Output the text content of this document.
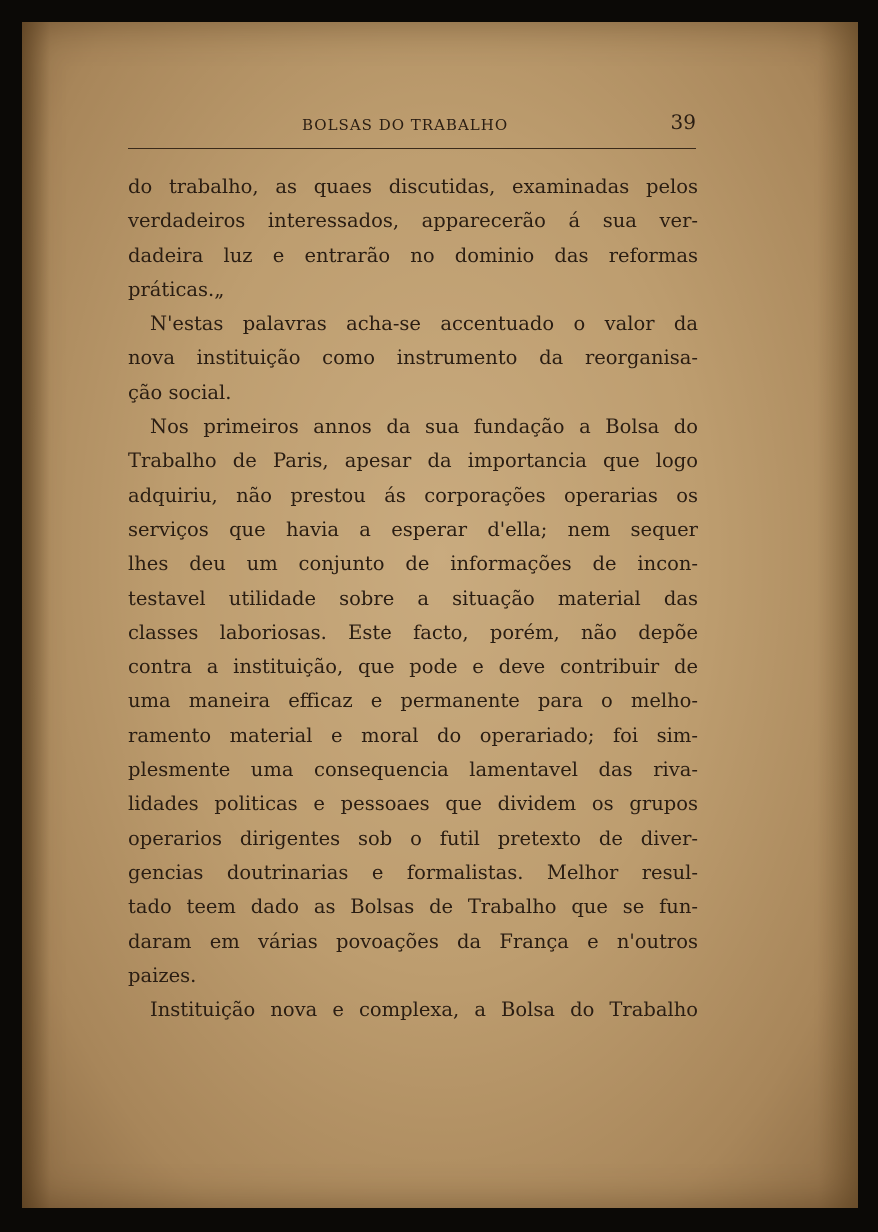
BOLSAS DO TRABALHO	39
do trabalho, as quaes discutidas, examinadas pelos
verdadeiros interessados, apparecerão á sua ver-
dadeira luz e entrarão no dominio das reformas
práticas.„
N'estas palavras acha-se accentuado o valor da
nova instituição como instrumento da reorganisa-
ção social.
Nos primeiros annos da sua fundação a Bolsa do
Trabalho de Paris, apesar da importancia que logo
adquiriu, não prestou ás corporações operarias os
serviços que havia a esperar d'ella; nem sequer
lhes deu um conjunto de informações de incon-
testavel utilidade sobre a situação material das
classes laboriosas. Este facto, porém, não depõe
contra a instituição, que pode e deve contribuir de
uma maneira efficaz e permanente para o melho-
ramento material e moral do operariado; foi sim-
plesmente uma consequencia lamentavel das riva-
lidades politicas e pessoaes que dividem os grupos
operarios dirigentes sob o futil pretexto de diver-
gencias doutrinarias e formalistas. Melhor resul-
tado teem dado as Bolsas de Trabalho que se fun-
daram em várias povoações da França e n'outros
paizes.
Instituição nova e complexa, a Bolsa do Trabalho
